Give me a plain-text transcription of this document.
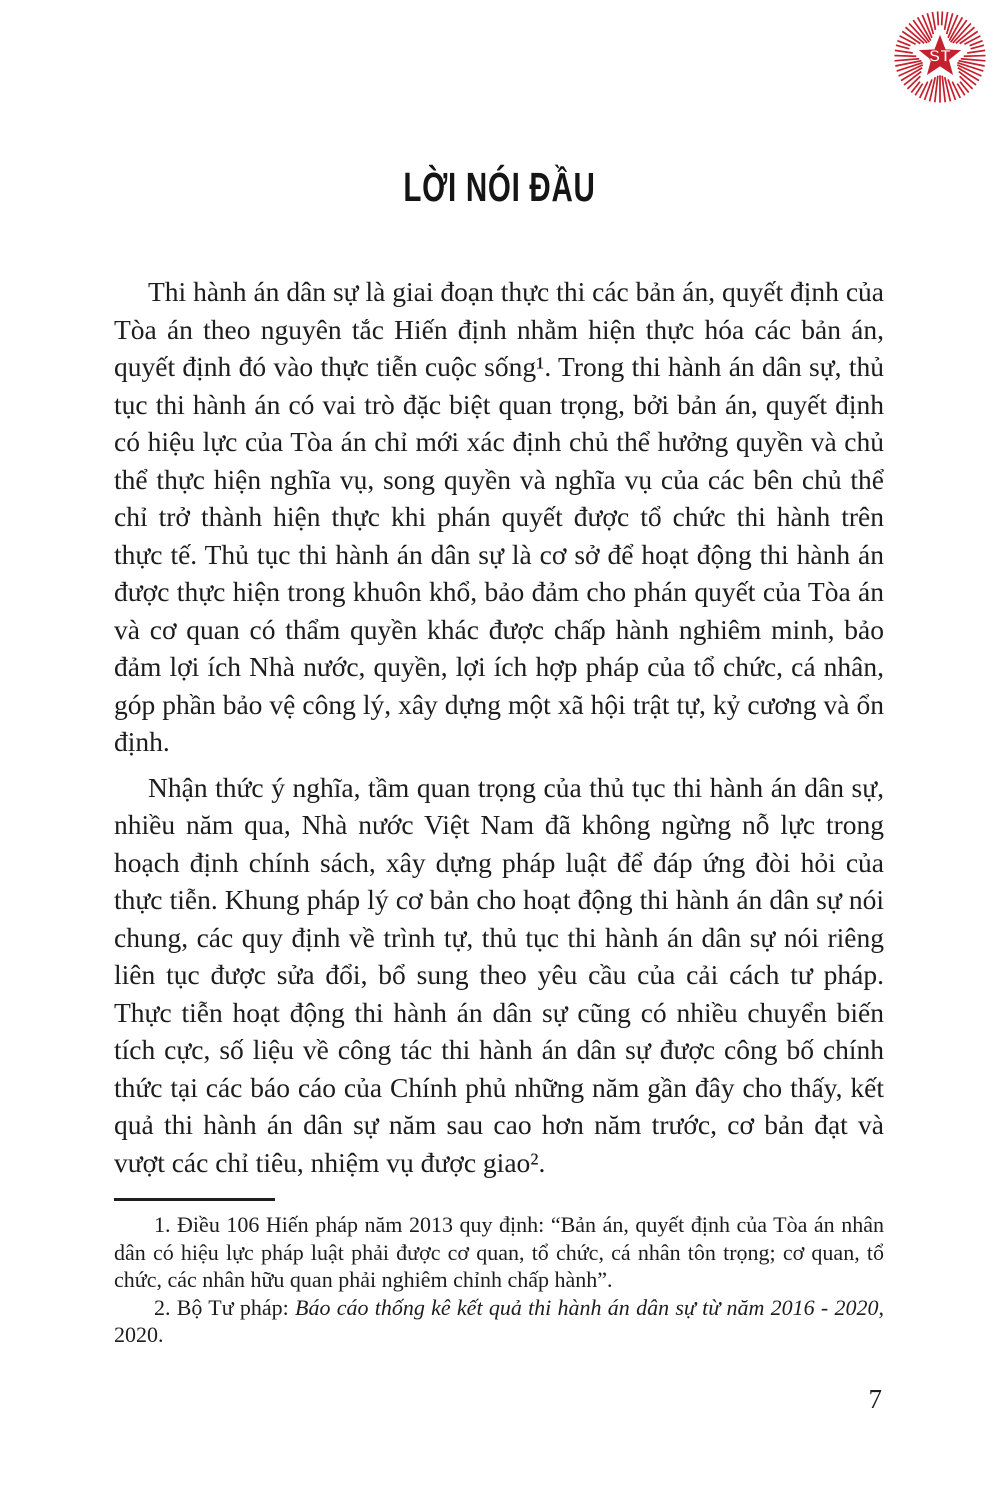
ST
LỜI NÓI ĐẦU

Thi hành án dân sự là giai đoạn thực thi các bản án, quyết định của Tòa án theo nguyên tắc Hiến định nhằm hiện thực hóa các bản án, quyết định đó vào thực tiễn cuộc sống¹. Trong thi hành án dân sự, thủ tục thi hành án có vai trò đặc biệt quan trọng, bởi bản án, quyết định có hiệu lực của Tòa án chỉ mới xác định chủ thể hưởng quyền và chủ thể thực hiện nghĩa vụ, song quyền và nghĩa vụ của các bên chủ thể chỉ trở thành hiện thực khi phán quyết được tổ chức thi hành trên thực tế. Thủ tục thi hành án dân sự là cơ sở để hoạt động thi hành án được thực hiện trong khuôn khổ, bảo đảm cho phán quyết của Tòa án và cơ quan có thẩm quyền khác được chấp hành nghiêm minh, bảo đảm lợi ích Nhà nước, quyền, lợi ích hợp pháp của tổ chức, cá nhân, góp phần bảo vệ công lý, xây dựng một xã hội trật tự, kỷ cương và ổn định.

Nhận thức ý nghĩa, tầm quan trọng của thủ tục thi hành án dân sự, nhiều năm qua, Nhà nước Việt Nam đã không ngừng nỗ lực trong hoạch định chính sách, xây dựng pháp luật để đáp ứng đòi hỏi của thực tiễn. Khung pháp lý cơ bản cho hoạt động thi hành án dân sự nói chung, các quy định về trình tự, thủ tục thi hành án dân sự nói riêng liên tục được sửa đổi, bổ sung theo yêu cầu của cải cách tư pháp. Thực tiễn hoạt động thi hành án dân sự cũng có nhiều chuyển biến tích cực, số liệu về công tác thi hành án dân sự được công bố chính thức tại các báo cáo của Chính phủ những năm gần đây cho thấy, kết quả thi hành án dân sự năm sau cao hơn năm trước, cơ bản đạt và vượt các chỉ tiêu, nhiệm vụ được giao².

1. Điều 106 Hiến pháp năm 2013 quy định: “Bản án, quyết định của Tòa án nhân dân có hiệu lực pháp luật phải được cơ quan, tổ chức, cá nhân tôn trọng; cơ quan, tổ chức, các nhân hữu quan phải nghiêm chỉnh chấp hành”.

2. Bộ Tư pháp: Báo cáo thống kê kết quả thi hành án dân sự từ năm 2016 - 2020, 2020.

7
